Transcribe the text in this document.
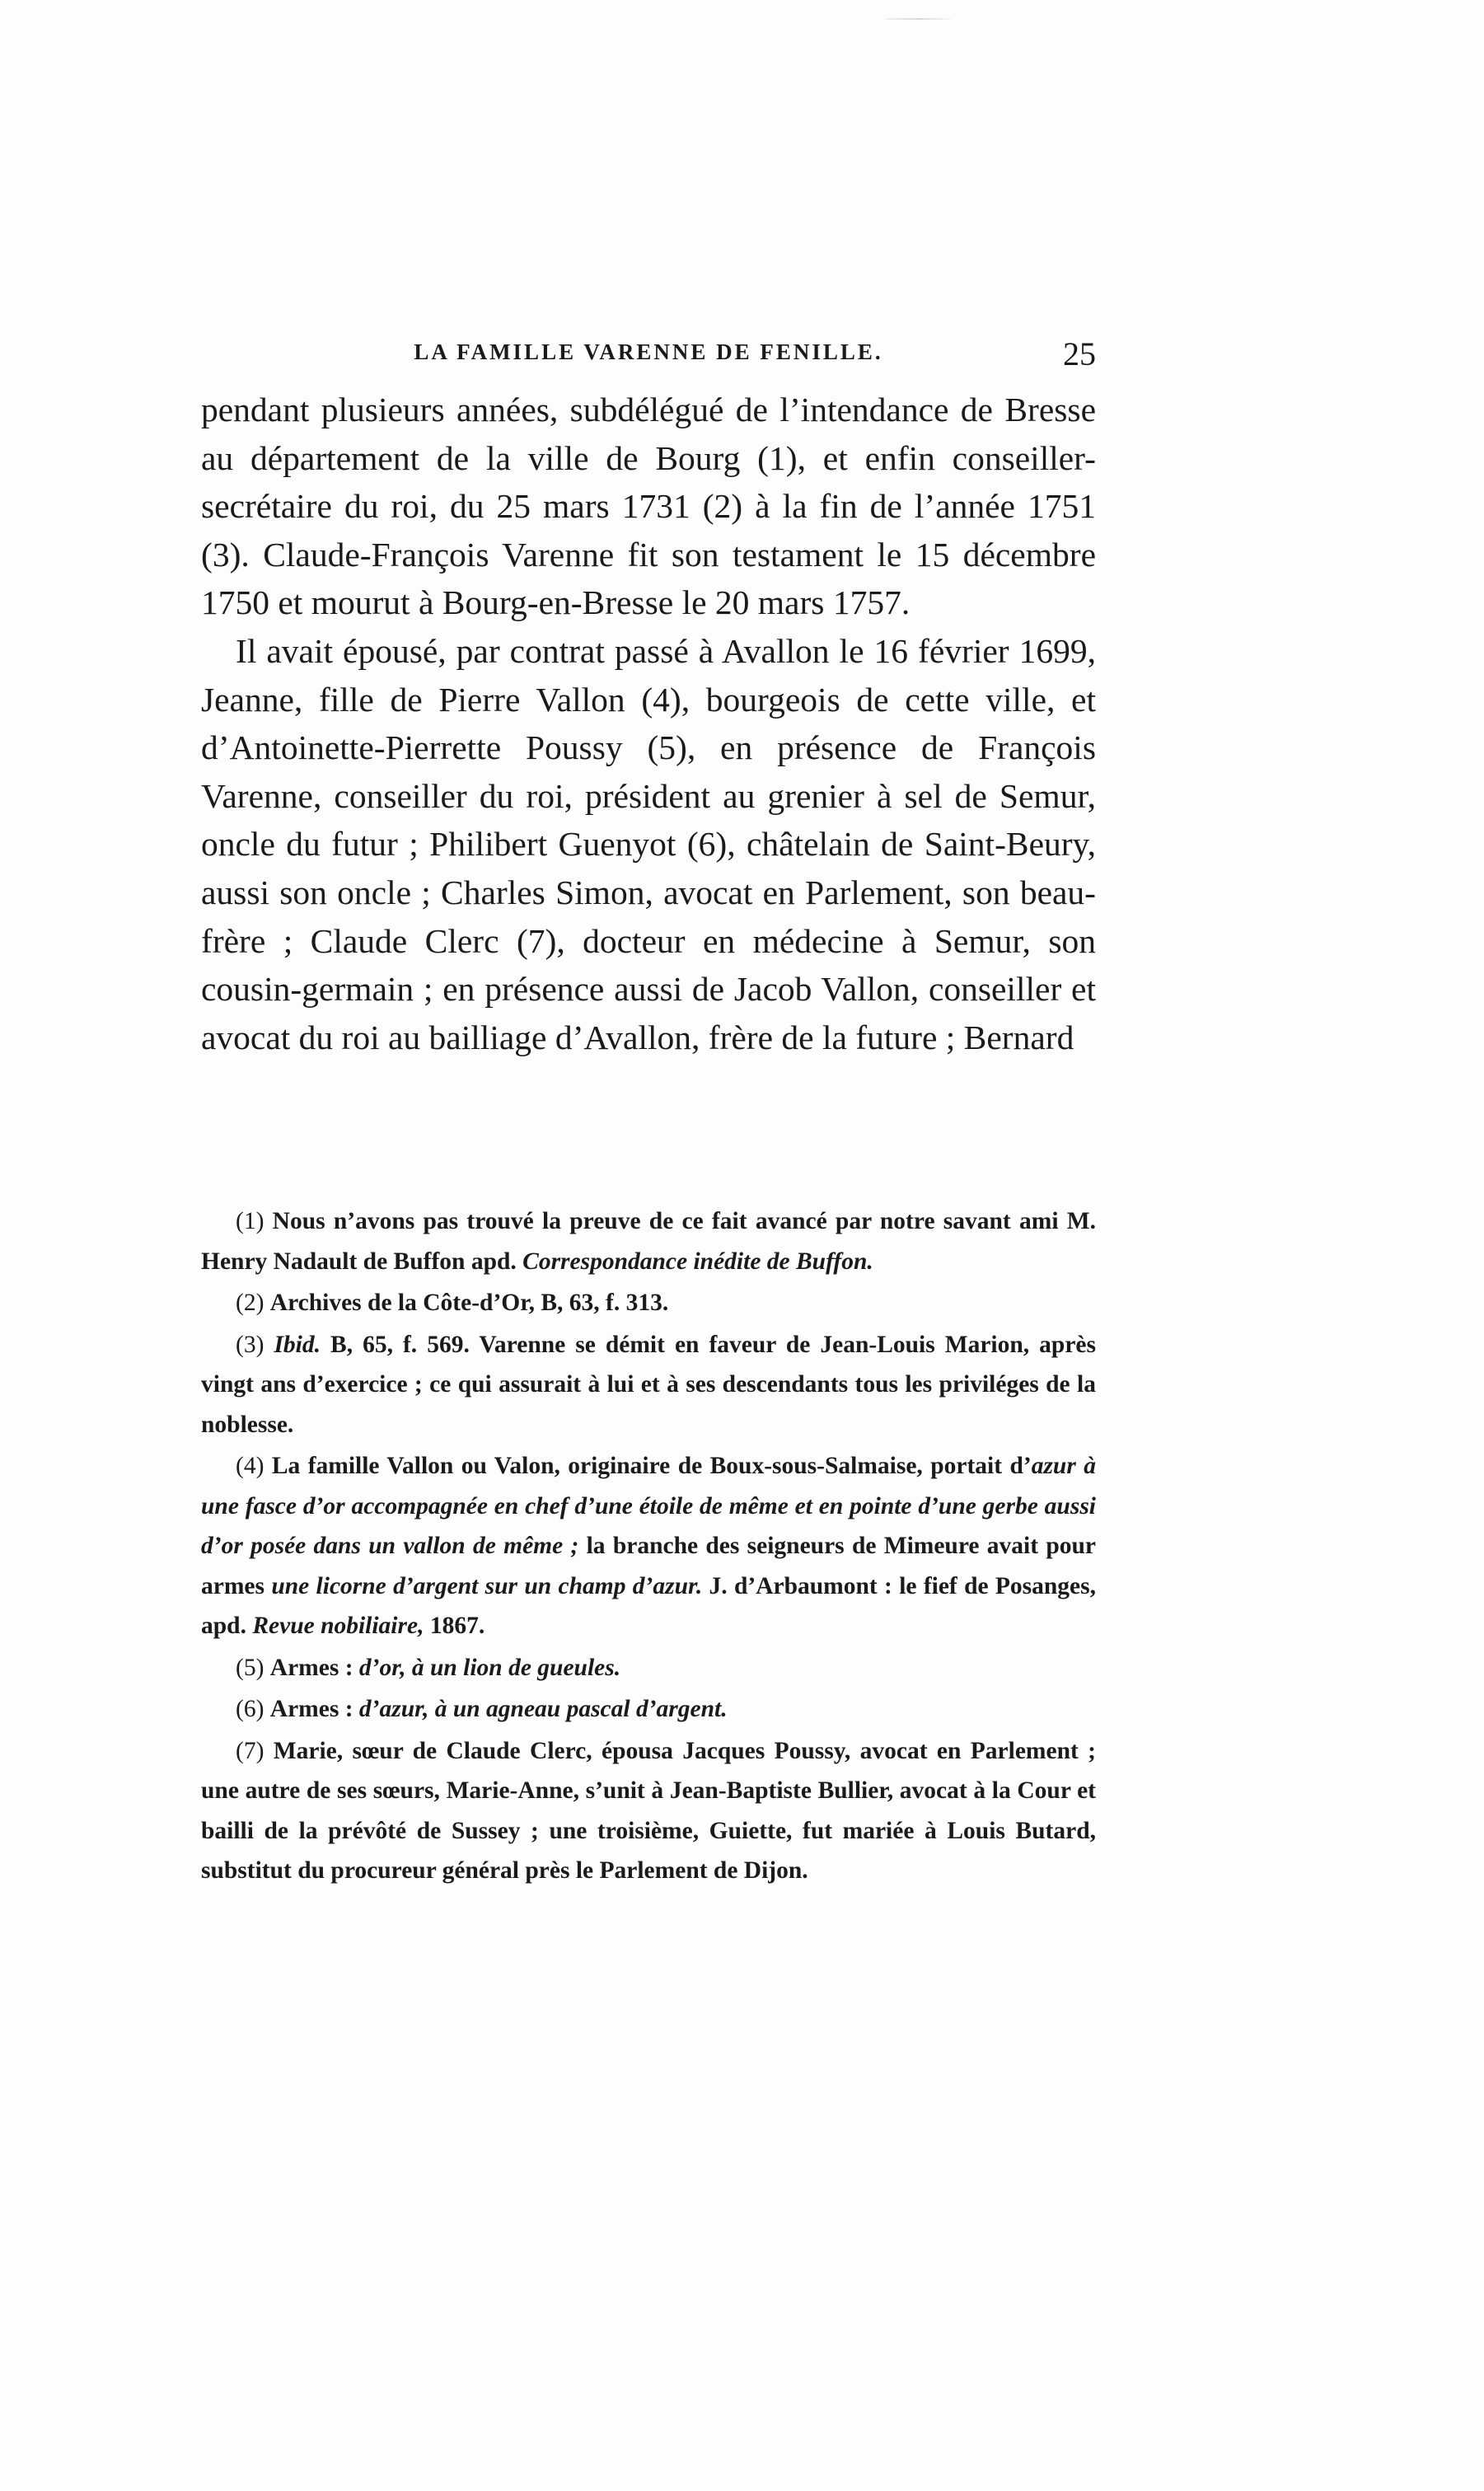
LA FAMILLE VARENNE DE FENILLE.	25

pendant plusieurs années, subdélégué de l’intendance de Bresse au département de la ville de Bourg (1), et enfin conseiller-secrétaire du roi, du 25 mars 1731 (2) à la fin de l’année 1751 (3). Claude-François Varenne fit son testament le 15 décembre 1750 et mourut à Bourg-en-Bresse le 20 mars 1757.

Il avait épousé, par contrat passé à Avallon le 16 février 1699, Jeanne, fille de Pierre Vallon (4), bourgeois de cette ville, et d’Antoinette-Pierrette Poussy (5), en présence de François Varenne, conseiller du roi, président au grenier à sel de Semur, oncle du futur ; Philibert Guenyot (6), châtelain de Saint-Beury, aussi son oncle ; Charles Simon, avocat en Parlement, son beau-frère ; Claude Clerc (7), docteur en médecine à Semur, son cousin-germain ; en présence aussi de Jacob Vallon, conseiller et avocat du roi au bailliage d’Avallon, frère de la future ; Bernard

(1) Nous n’avons pas trouvé la preuve de ce fait avancé par notre savant ami M. Henry Nadault de Buffon apd. Correspondance inédite de Buffon.

(2) Archives de la Côte-d’Or, B, 63, f. 313.

(3) Ibid. B, 65, f. 569. Varenne se démit en faveur de Jean-Louis Marion, après vingt ans d’exercice ; ce qui assurait à lui et à ses descendants tous les priviléges de la noblesse.

(4) La famille Vallon ou Valon, originaire de Boux-sous-Salmaise, portait d’azur à une fasce d’or accompagnée en chef d’une étoile de même et en pointe d’une gerbe aussi d’or posée dans un vallon de même ; la branche des seigneurs de Mimeure avait pour armes une licorne d’argent sur un champ d’azur. J. d’Arbaumont : le fief de Posanges, apd. Revue nobiliaire, 1867.

(5) Armes : d’or, à un lion de gueules.

(6) Armes : d’azur, à un agneau pascal d’argent.

(7) Marie, sœur de Claude Clerc, épousa Jacques Poussy, avocat en Parlement ; une autre de ses sœurs, Marie-Anne, s’unit à Jean-Baptiste Bullier, avocat à la Cour et bailli de la prévôté de Sussey ; une troisième, Guiette, fut mariée à Louis Butard, substitut du procureur général près le Parlement de Dijon.
